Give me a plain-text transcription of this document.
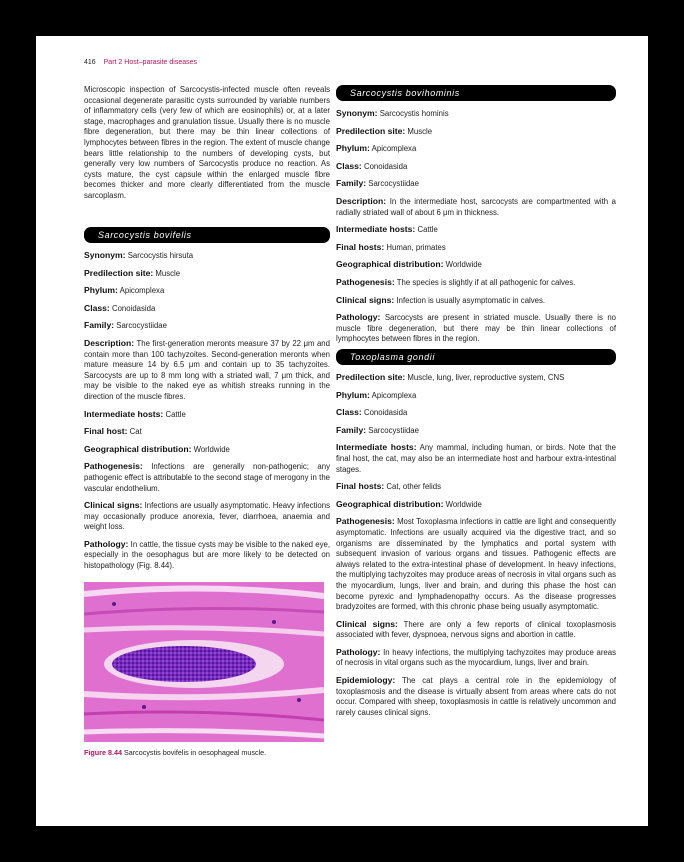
416 Part 2 Host–parasite diseases

Microscopic inspection of Sarcocystis-infected muscle often reveals occasional degenerate parasitic cysts surrounded by variable numbers of inflammatory cells (very few of which are eosinophils) or, at a later stage, macrophages and granulation tissue. Usually there is no muscle fibre degeneration, but there may be thin linear collections of lymphocytes between fibres in the region. The extent of muscle change bears little relationship to the numbers of developing cysts, but generally very low numbers of Sarcocystis produce no reaction. As cysts mature, the cyst capsule within the enlarged muscle fibre becomes thicker and more clearly differentiated from the muscle sarcoplasm.

Sarcocystis bovifelis
Synonym: Sarcocystis hirsuta
Predilection site: Muscle
Phylum: Apicomplexa
Class: Conoidasida
Family: Sarcocystiidae
Description: The first-generation meronts measure 37 by 22 μm and contain more than 100 tachyzoites. Second-generation meronts when mature measure 14 by 6.5 μm and contain up to 35 tachyzoites. Sarcocysts are up to 8 mm long with a striated wall, 7 μm thick, and may be visible to the naked eye as whitish streaks running in the direction of the muscle fibres.
Intermediate hosts: Cattle
Final host: Cat
Geographical distribution: Worldwide
Pathogenesis: Infections are generally non-pathogenic; any pathogenic effect is attributable to the second stage of merogony in the vascular endothelium.
Clinical signs: Infections are usually asymptomatic. Heavy infections may occasionally produce anorexia, fever, diarrhoea, anaemia and weight loss.
Pathology: In cattle, the tissue cysts may be visible to the naked eye, especially in the oesophagus but are more likely to be detected on histopathology (Fig. 8.44).
Figure 8.44 Sarcocystis bovifelis in oesophageal muscle.
Sarcocystis bovihominis
Synonym: Sarcocystis hominis
Predilection site: Muscle
Phylum: Apicomplexa
Class: Conoidasida
Family: Sarcocystiidae
Description: In the intermediate host, sarcocysts are compartmented with a radially striated wall of about 6 μm in thickness.
Intermediate hosts: Cattle
Final hosts: Human, primates
Geographical distribution: Worldwide
Pathogenesis: The species is slightly if at all pathogenic for calves.
Clinical signs: Infection is usually asymptomatic in calves.
Pathology: Sarcocysts are present in striated muscle. Usually there is no muscle fibre degeneration, but there may be thin linear collections of lymphocytes between fibres in the region.
Toxoplasma gondii
Predilection site: Muscle, lung, liver, reproductive system, CNS
Phylum: Apicomplexa
Class: Conoidasida
Family: Sarcocystiidae
Intermediate hosts: Any mammal, including human, or birds. Note that the final host, the cat, may also be an intermediate host and harbour extra-intestinal stages.
Final hosts: Cat, other felids
Geographical distribution: Worldwide
Pathogenesis: Most Toxoplasma infections in cattle are light and consequently asymptomatic. Infections are usually acquired via the digestive tract, and so organisms are disseminated by the lymphatics and portal system with subsequent invasion of various organs and tissues. Pathogenic effects are always related to the extra-intestinal phase of development. In heavy infections, the multiplying tachyzoites may produce areas of necrosis in vital organs such as the myocardium, lungs, liver and brain, and during this phase the host can become pyrexic and lymphadenopathy occurs. As the disease progresses bradyzoites are formed, with this chronic phase being usually asymptomatic.
Clinical signs: There are only a few reports of clinical toxoplasmosis associated with fever, dyspnoea, nervous signs and abortion in cattle.
Pathology: In heavy infections, the multiplying tachyzoites may produce areas of necrosis in vital organs such as the myocardium, lungs, liver and brain.
Epidemiology: The cat plays a central role in the epidemiology of toxoplasmosis and the disease is virtually absent from areas where cats do not occur. Compared with sheep, toxoplasmosis in cattle is relatively uncommon and rarely causes clinical signs.
